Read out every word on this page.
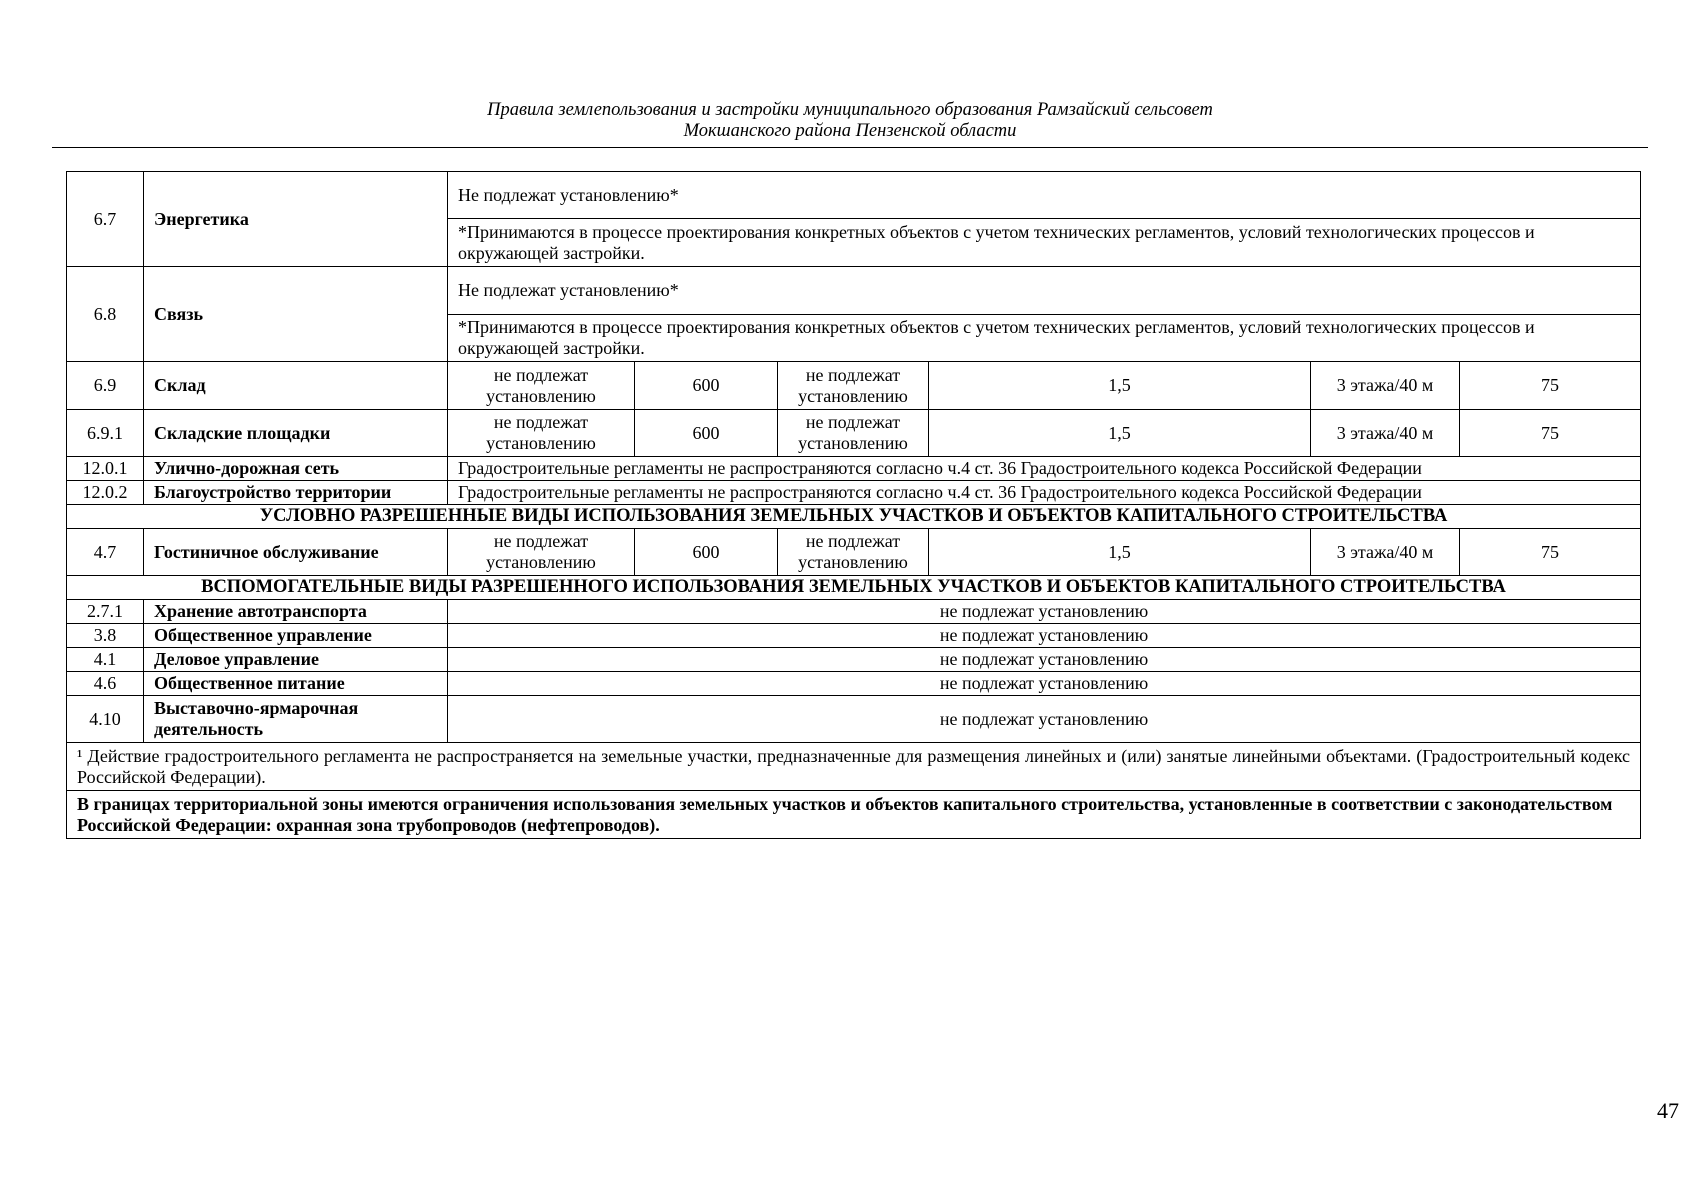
Правила землепользования и застройки муниципального образования Рамзайский сельсовет
Мокшанского района Пензенской области
6.7	Энергетика	Не подлежат установлению*					
		*Принимаются в процессе проектирования конкретных объектов с учетом технических регламентов, условий технологических процессов и окружающей застройки.					
6.8	Связь	Не подлежат установлению*					
		*Принимаются в процессе проектирования конкретных объектов с учетом технических регламентов, условий технологических процессов и окружающей застройки.					
6.9	Склад	не подлежат установлению	600	не подлежат установлению	1,5	3 этажа/40 м	75
6.9.1	Складские площадки	не подлежат установлению	600	не подлежат установлению	1,5	3 этажа/40 м	75
12.0.1	Улично-дорожная сеть	Градостроительные регламенты не распространяются согласно ч.4 ст. 36 Градостроительного кодекса Российской Федерации					
12.0.2	Благоустройство территории	Градостроительные регламенты не распространяются согласно ч.4 ст. 36 Градостроительного кодекса Российской Федерации					
УСЛОВНО РАЗРЕШЕННЫЕ ВИДЫ ИСПОЛЬЗОВАНИЯ ЗЕМЕЛЬНЫХ УЧАСТКОВ И ОБЪЕКТОВ КАПИТАЛЬНОГО СТРОИТЕЛЬСТВА							
4.7	Гостиничное обслуживание	не подлежат установлению	600	не подлежат установлению	1,5	3 этажа/40 м	75
ВСПОМОГАТЕЛЬНЫЕ ВИДЫ РАЗРЕШЕННОГО ИСПОЛЬЗОВАНИЯ ЗЕМЕЛЬНЫХ УЧАСТКОВ И ОБЪЕКТОВ КАПИТАЛЬНОГО СТРОИТЕЛЬСТВА							
2.7.1	Хранение автотранспорта	не подлежат установлению					
3.8	Общественное управление	не подлежат установлению					
4.1	Деловое управление	не подлежат установлению					
4.6	Общественное питание	не подлежат установлению					
4.10	Выставочно-ярмарочная деятельность	не подлежат установлению					
¹ Действие градостроительного регламента не распространяется на земельные участки, предназначенные для размещения линейных и (или) занятые линейными объектами. (Градостроительный кодекс Российской Федерации).							
В границах территориальной зоны имеются ограничения использования земельных участков и объектов капитального строительства, установленные в соответствии с законодательством Российской Федерации: охранная зона трубопроводов (нефтепроводов).							
47
